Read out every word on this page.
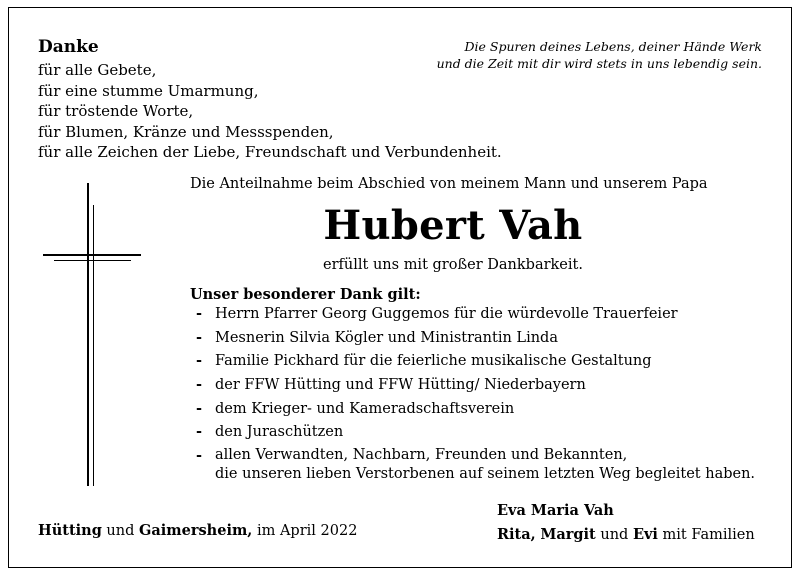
Danke
für alle Gebete,
für eine stumme Umarmung,
für tröstende Worte,
für Blumen, Kränze und Messspenden,
für alle Zeichen der Liebe, Freundschaft und Verbundenheit.
Die Spuren deines Lebens, deiner Hände Werk
und die Zeit mit dir wird stets in uns lebendig sein.
Die Anteilnahme beim Abschied von meinem Mann und unserem Papa
Hubert Vah
erfüllt uns mit großer Dankbarkeit.
Unser besonderer Dank gilt:
- Herrn Pfarrer Georg Guggemos für die würdevolle Trauerfeier
- Mesnerin Silvia Kögler und Ministrantin Linda
- Familie Pickhard für die feierliche musikalische Gestaltung
- der FFW Hütting und FFW Hütting/ Niederbayern
- dem Krieger- und Kameradschaftsverein
- den Juraschützen
- allen Verwandten, Nachbarn, Freunden und Bekannten,
die unseren lieben Verstorbenen auf seinem letzten Weg begleitet haben.
Eva Maria Vah
Rita, Margit und Evi mit Familien
Hütting und Gaimersheim, im April 2022
